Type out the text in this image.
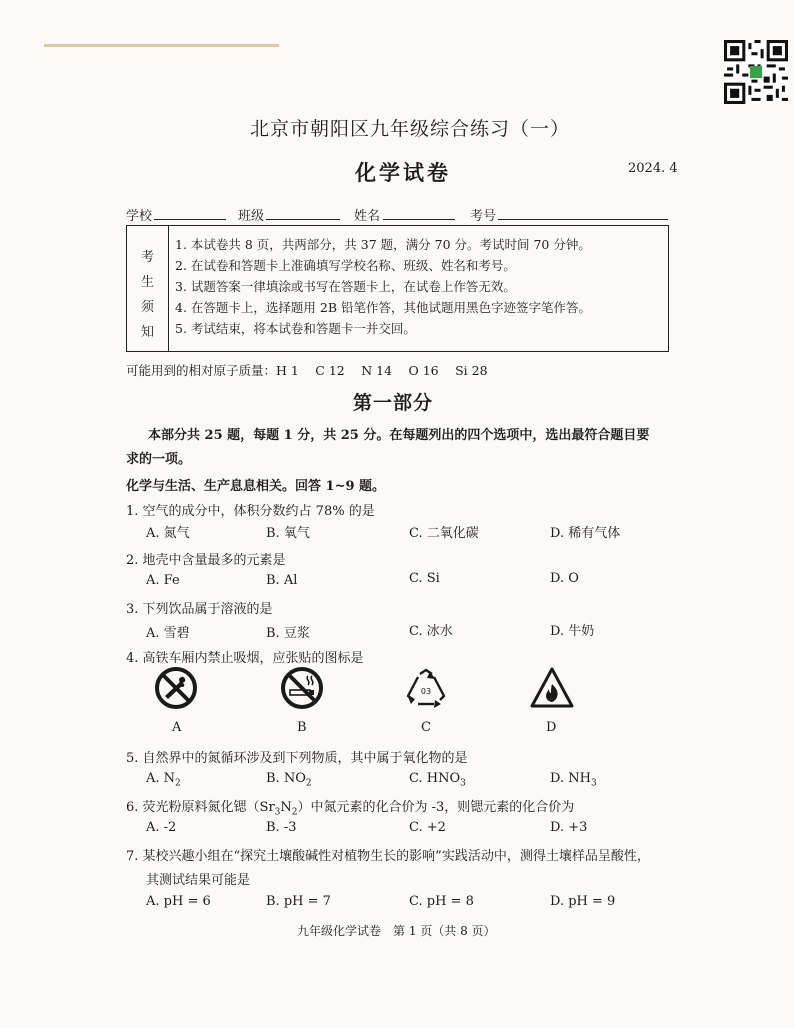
北京市朝阳区九年级综合练习（一）
化学试卷	2024. 4
学校	班级	姓名	考号
考
生
须
知
1. 本试卷共 8 页，共两部分，共 37 题，满分 70 分。考试时间 70 分钟。
2. 在试卷和答题卡上准确填写学校名称、班级、姓名和考号。
3. 试题答案一律填涂或书写在答题卡上，在试卷上作答无效。
4. 在答题卡上，选择题用 2B 铅笔作答，其他试题用黑色字迹签字笔作答。
5. 考试结束，将本试卷和答题卡一并交回。
可能用到的相对原子质量：H 1　 C 12　 N 14　 O 16　 Si 28
第一部分
本部分共 25 题，每题 1 分，共 25 分。在每题列出的四个选项中，选出最符合题目要
求的一项。
化学与生活、生产息息相关。回答 1~9 题。
1. 空气的成分中，体积分数约占 78% 的是
A. 氮气	B. 氧气	C. 二氧化碳	D. 稀有气体
2. 地壳中含量最多的元素是
A. Fe	B. Al	C. Si	D. O
3. 下列饮品属于溶液的是
A. 雪碧	B. 豆浆	C. 冰水	D. 牛奶
4. 高铁车厢内禁止吸烟，应张贴的图标是
03
A	B	C	D
5. 自然界中的氮循环涉及到下列物质，其中属于氧化物的是
A. $N_2$	B. $NO_2$	C. $HNO_3$	D. $NH_3$
6. 荧光粉原料氮化锶$(Sr_3N_2)$中氮元素的化合价为 -3，则锶元素的化合价为
A. -2	B. -3	C. +2	D. +3
7. 某校兴趣小组在“探究土壤酸碱性对植物生长的影响”实践活动中，测得土壤样品呈酸性，
其测试结果可能是
A. pH = 6	B. pH = 7	C. pH = 8	D. pH = 9
九年级化学试卷　第 1 页（共 8 页）
